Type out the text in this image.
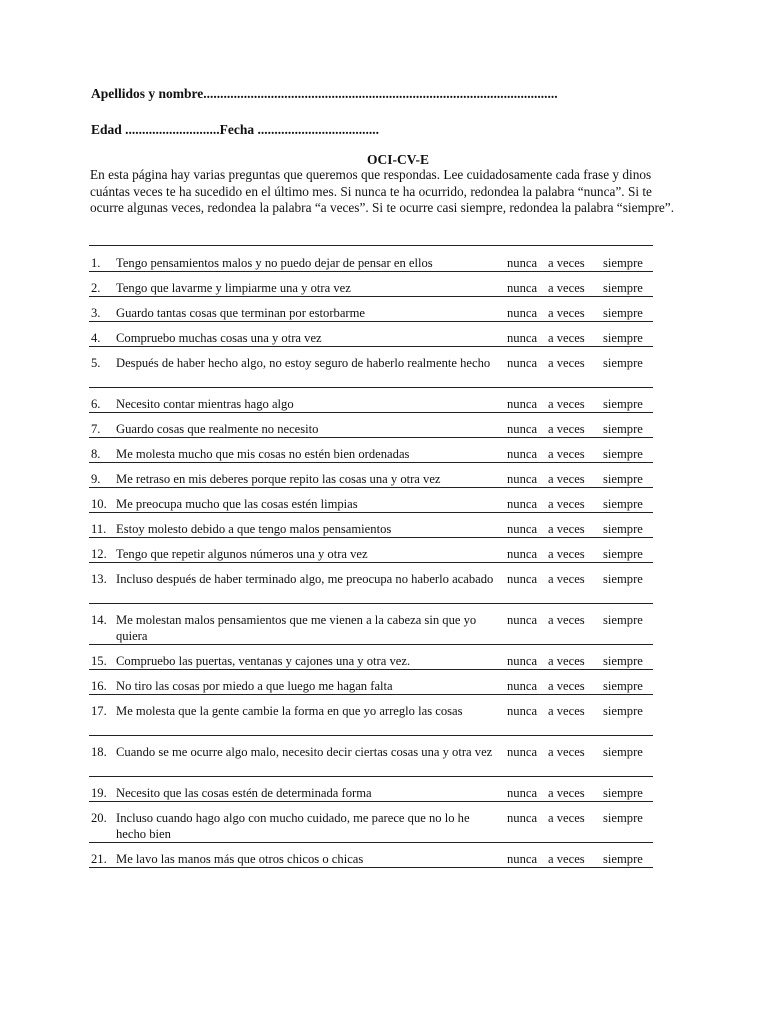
Apellidos y nombre.........................................................................................................
Edad ............................Fecha ....................................
OCI-CV-E
En esta página hay varias preguntas que queremos que respondas. Lee cuidadosamente cada frase y dinos cuántas veces te ha sucedido en el último mes. Si nunca te ha ocurrido, redondea la palabra “nunca”. Si te ocurre algunas veces, redondea la palabra “a veces”. Si te ocurre casi siempre, redondea la palabra “siempre”.
1. Tengo pensamientos malos y no puedo dejar de pensar en ellos	nunca a veces siempre
2. Tengo que lavarme y limpiarme una y otra vez	nunca a veces siempre
3. Guardo tantas cosas que terminan por estorbarme	nunca a veces siempre
4. Compruebo muchas cosas una y otra vez	nunca a veces siempre
5. Después de haber hecho algo, no estoy seguro de haberlo realmente hecho	nunca a veces siempre
6. Necesito contar mientras hago algo	nunca a veces siempre
7. Guardo cosas que realmente no necesito	nunca a veces siempre
8. Me molesta mucho que mis cosas no estén bien ordenadas	nunca a veces siempre
9. Me retraso en mis deberes porque repito las cosas una y otra vez	nunca a veces siempre
10. Me preocupa mucho que las cosas estén limpias	nunca a veces siempre
11. Estoy molesto debido a que tengo malos pensamientos	nunca a veces siempre
12. Tengo que repetir algunos números una y otra vez	nunca a veces siempre
13. Incluso después de haber terminado algo, me preocupa no haberlo acabado	nunca a veces siempre
14. Me molestan malos pensamientos que me vienen a la cabeza sin que yo quiera
nunca a veces siempre
15. Compruebo las puertas, ventanas y cajones una y otra vez.	nunca a veces siempre
16. No tiro las cosas por miedo a que luego me hagan falta	nunca a veces siempre
17. Me molesta que la gente cambie la forma en que yo arreglo las cosas	nunca a veces siempre
18. Cuando se me ocurre algo malo, necesito decir ciertas cosas una y otra vez	nunca a veces siempre
19. Necesito que las cosas estén de determinada forma	nunca a veces siempre
20. Incluso cuando hago algo con mucho cuidado, me parece que no lo he hecho bien
nunca a veces siempre
21. Me lavo las manos más que otros chicos o chicas	nunca a veces siempre
